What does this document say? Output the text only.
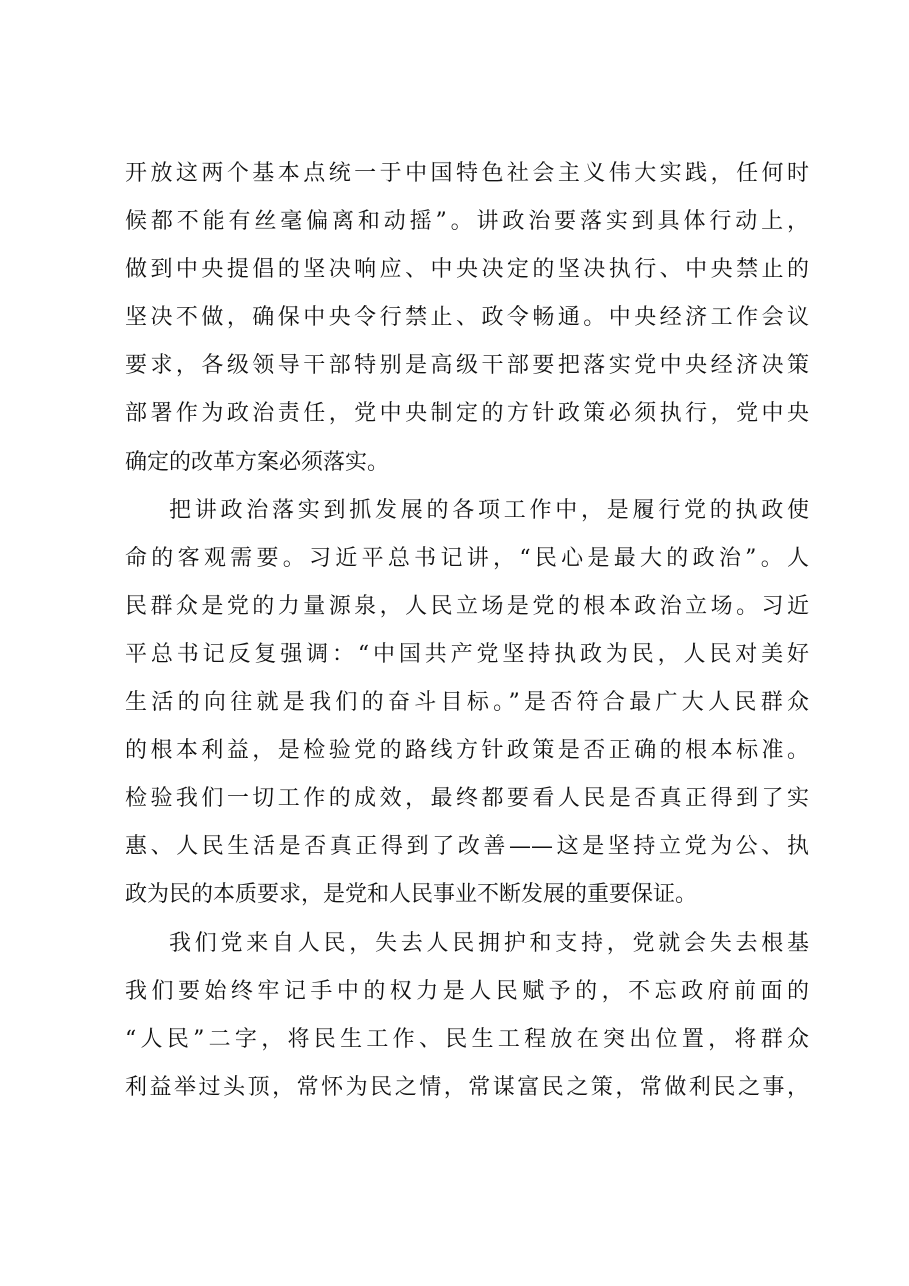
开放这两个基本点统一于中国特色社会主义伟大实践，任何时
候都不能有丝毫偏离和动摇”。讲政治要落实到具体行动上，
做到中央提倡的坚决响应、中央决定的坚决执行、中央禁止的
坚决不做，确保中央令行禁止、政令畅通。中央经济工作会议
要求，各级领导干部特别是高级干部要把落实党中央经济决策
部署作为政治责任，党中央制定的方针政策必须执行，党中央
确定的改革方案必须落实。
把讲政治落实到抓发展的各项工作中，是履行党的执政使
命的客观需要。习近平总书记讲，“民心是最大的政治”。人
民群众是党的力量源泉，人民立场是党的根本政治立场。习近
平总书记反复强调：“中国共产党坚持执政为民，人民对美好
生活的向往就是我们的奋斗目标。”是否符合最广大人民群众
的根本利益，是检验党的路线方针政策是否正确的根本标准。
检验我们一切工作的成效，最终都要看人民是否真正得到了实
惠、人民生活是否真正得到了改善——这是坚持立党为公、执
政为民的本质要求，是党和人民事业不断发展的重要保证。
我们党来自人民，失去人民拥护和支持，党就会失去根基
我们要始终牢记手中的权力是人民赋予的，不忘政府前面的
“人民”二字，将民生工作、民生工程放在突出位置，将群众
利益举过头顶，常怀为民之情，常谋富民之策，常做利民之事，
